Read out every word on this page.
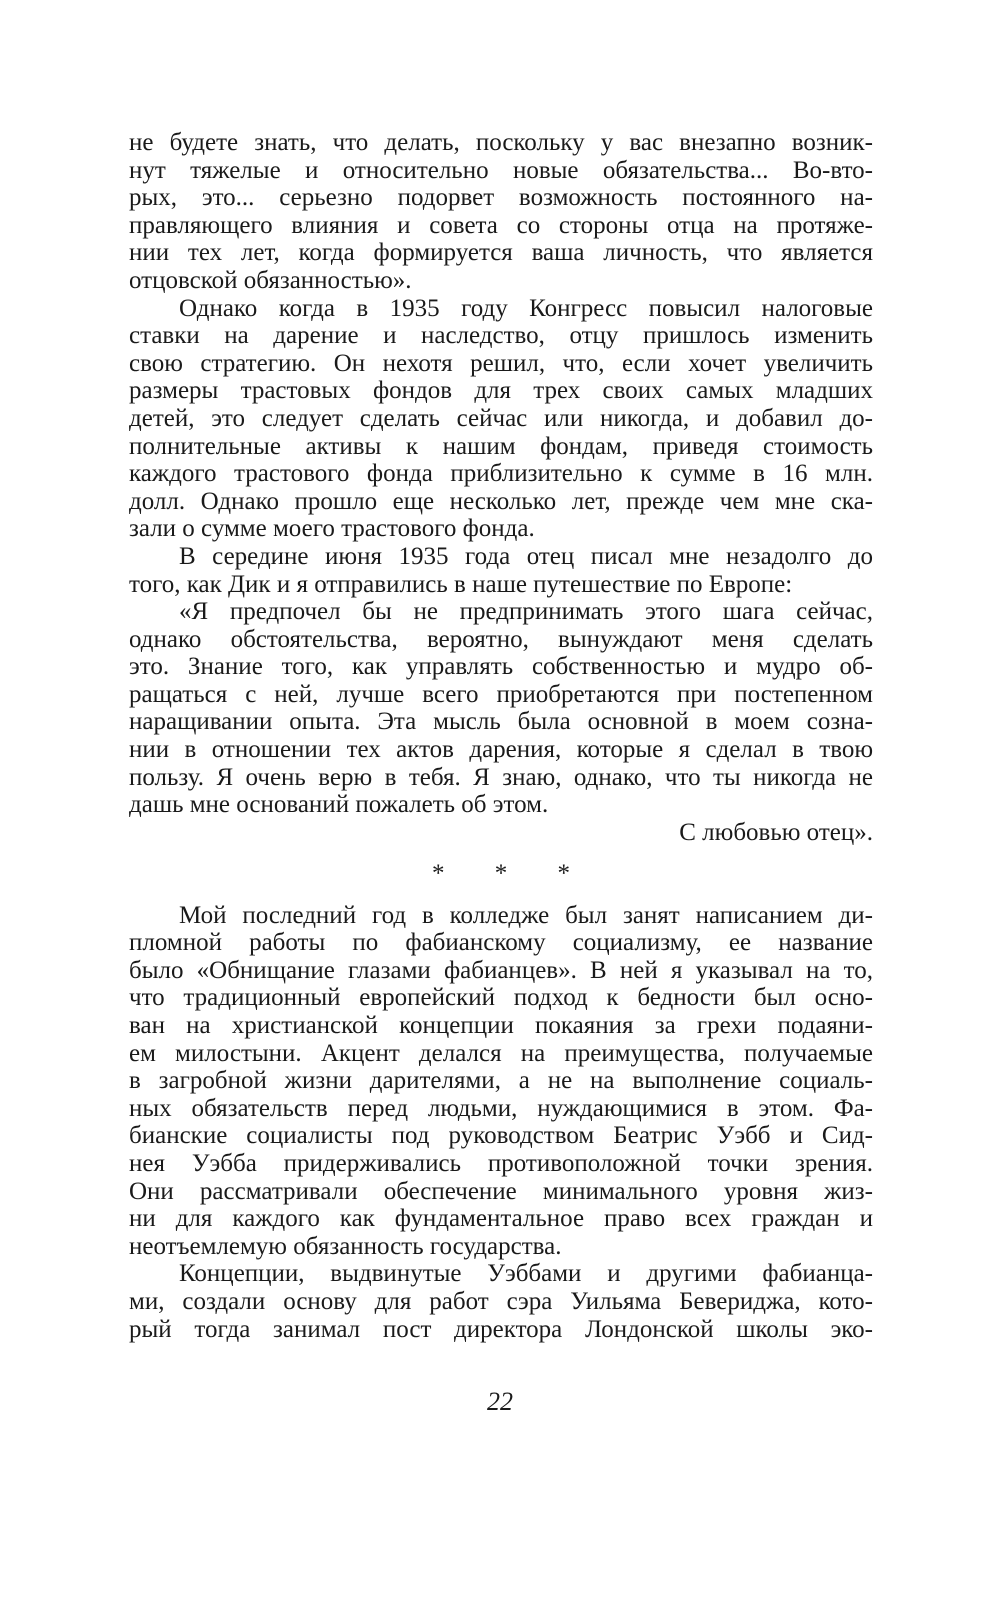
не будете знать, что делать, поскольку у вас внезапно возник-
нут тяжелые и относительно новые обязательства... Во-вто-
рых, это... серьезно подорвет возможность постоянного на-
правляющего влияния и совета со стороны отца на протяже-
нии тех лет, когда формируется ваша личность, что является
отцовской обязанностью».
Однако когда в 1935 году Конгресс повысил налоговые
ставки на дарение и наследство, отцу пришлось изменить
свою стратегию. Он нехотя решил, что, если хочет увеличить
размеры трастовых фондов для трех своих самых младших
детей, это следует сделать сейчас или никогда, и добавил до-
полнительные активы к нашим фондам, приведя стоимость
каждого трастового фонда приблизительно к сумме в 16 млн.
долл. Однако прошло еще несколько лет, прежде чем мне ска-
зали о сумме моего трастового фонда.
В середине июня 1935 года отец писал мне незадолго до
того, как Дик и я отправились в наше путешествие по Европе:
«Я предпочел бы не предпринимать этого шага сейчас,
однако обстоятельства, вероятно, вынуждают меня сделать
это. Знание того, как управлять собственностью и мудро об-
ращаться с ней, лучше всего приобретаются при постепенном
наращивании опыта. Эта мысль была основной в моем созна-
нии в отношении тех актов дарения, которые я сделал в твою
пользу. Я очень верю в тебя. Я знаю, однако, что ты никогда не
дашь мне оснований пожалеть об этом.
С любовью отец».
* * *
Мой последний год в колледже был занят написанием ди-
пломной работы по фабианскому социализму, ее название
было «Обнищание глазами фабианцев». В ней я указывал на то,
что традиционный европейский подход к бедности был осно-
ван на христианской концепции покаяния за грехи подаяни-
ем милостыни. Акцент делался на преимущества, получаемые
в загробной жизни дарителями, а не на выполнение социаль-
ных обязательств перед людьми, нуждающимися в этом. Фа-
бианские социалисты под руководством Беатрис Уэбб и Сид-
нея Уэбба придерживались противоположной точки зрения.
Они рассматривали обеспечение минимального уровня жиз-
ни для каждого как фундаментальное право всех граждан и
неотъемлемую обязанность государства.
Концепции, выдвинутые Уэббами и другими фабианца-
ми, создали основу для работ сэра Уильяма Бевериджа, кото-
рый тогда занимал пост директора Лондонской школы эко-
22
